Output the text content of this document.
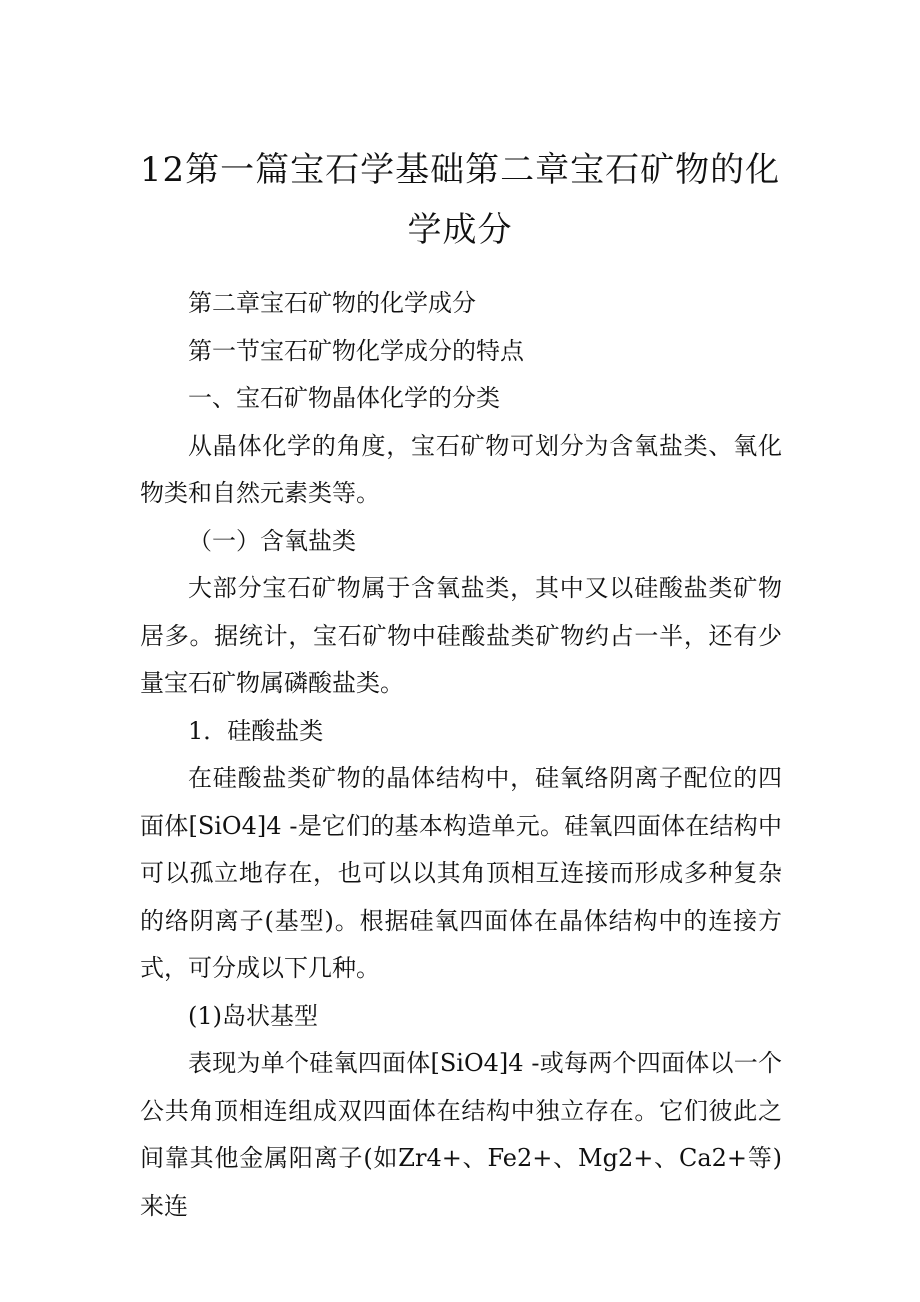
12第一篇宝石学基础第二章宝石矿物的化学成分

第二章宝石矿物的化学成分

第一节宝石矿物化学成分的特点

一、宝石矿物晶体化学的分类

从晶体化学的角度，宝石矿物可划分为含氧盐类、氧化物类和自然元素类等。

（一）含氧盐类

大部分宝石矿物属于含氧盐类，其中又以硅酸盐类矿物居多。据统计，宝石矿物中硅酸盐类矿物约占一半，还有少量宝石矿物属磷酸盐类。

1．硅酸盐类

在硅酸盐类矿物的晶体结构中，硅氧络阴离子配位的四面体[SiO4]4 -是它们的基本构造单元。硅氧四面体在结构中可以孤立地存在，也可以以其角顶相互连接而形成多种复杂的络阴离子(基型)。根据硅氧四面体在晶体结构中的连接方式，可分成以下几种。

(1)岛状基型

表现为单个硅氧四面体[SiO4]4 -或每两个四面体以一个公共角顶相连组成双四面体在结构中独立存在。它们彼此之间靠其他金属阳离子(如Zr4+、Fe2+、Mg2+、Ca2+等)来连
